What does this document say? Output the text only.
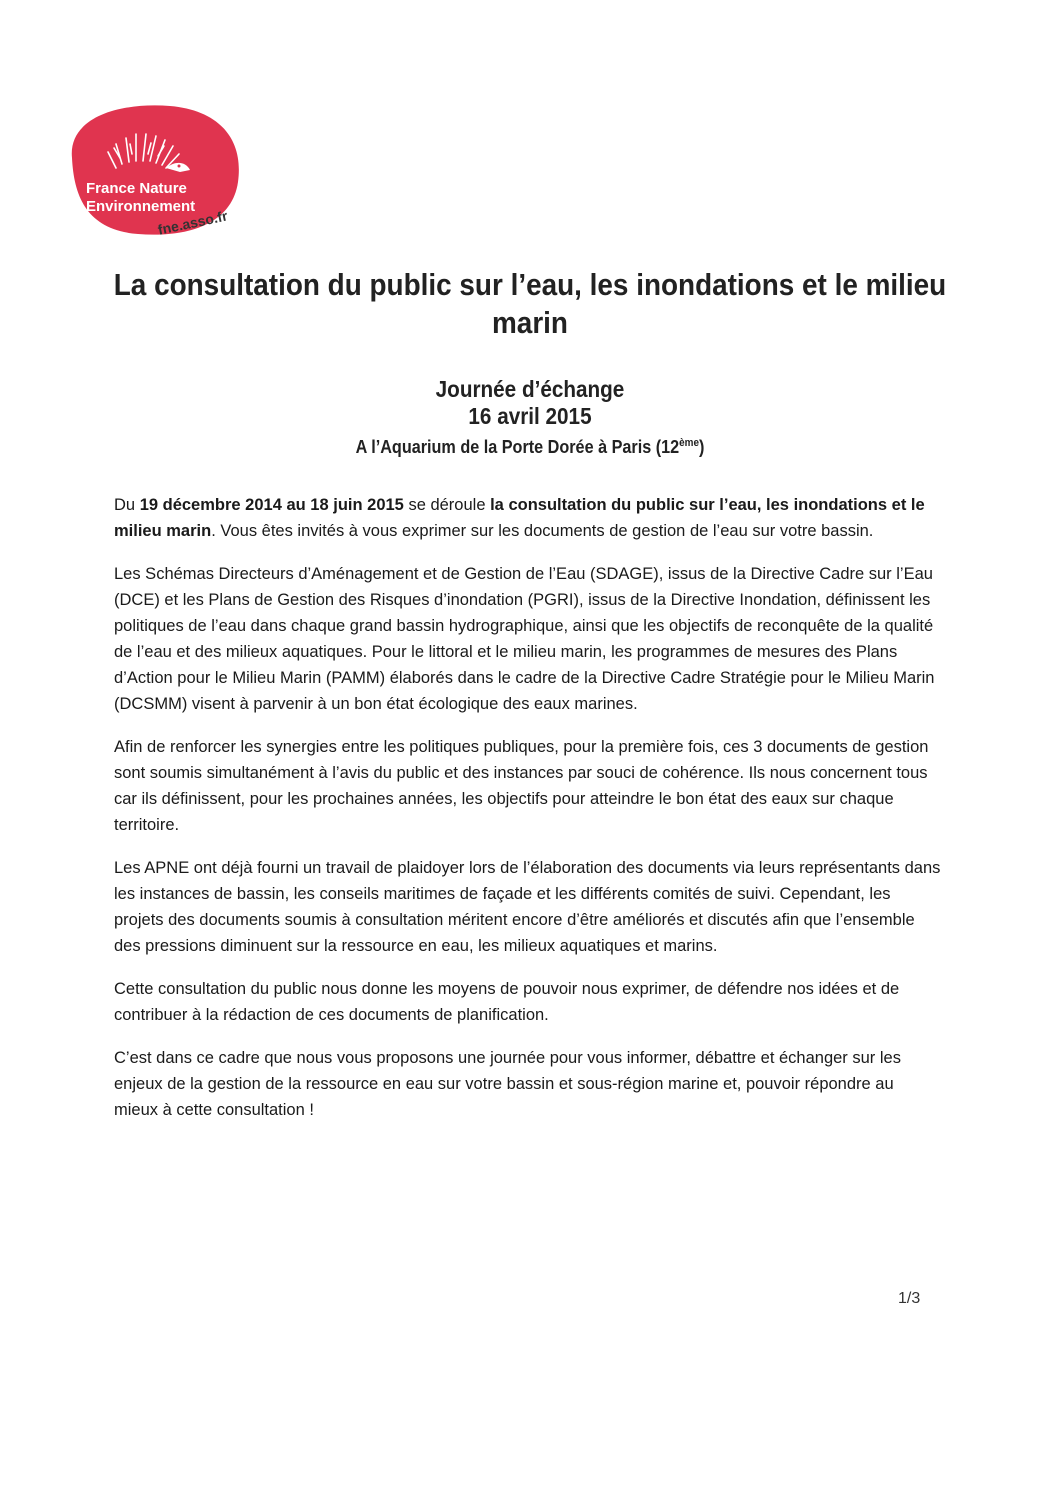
France Nature
Environnement
fne.asso.fr
La consultation du public sur l’eau, les inondations et le milieu marin
Journée d’échange
16 avril 2015
A l’Aquarium de la Porte Dorée à Paris (12ème)

Du 19 décembre 2014 au 18 juin 2015 se déroule la consultation du public sur l’eau, les inondations et le milieu marin. Vous êtes invités à vous exprimer sur les documents de gestion de l’eau sur votre bassin.

Les Schémas Directeurs d’Aménagement et de Gestion de l’Eau (SDAGE), issus de la Directive Cadre sur l’Eau (DCE) et les Plans de Gestion des Risques d’inondation (PGRI), issus de la Directive Inondation, définissent les politiques de l’eau dans chaque grand bassin hydrographique, ainsi que les objectifs de reconquête de la qualité de l’eau et des milieux aquatiques. Pour le littoral et le milieu marin, les programmes de mesures des Plans d’Action pour le Milieu Marin (PAMM) élaborés dans le cadre de la Directive Cadre Stratégie pour le Milieu Marin (DCSMM) visent à parvenir à un bon état écologique des eaux marines.

Afin de renforcer les synergies entre les politiques publiques, pour la première fois, ces 3 documents de gestion sont soumis simultanément à l’avis du public et des instances par souci de cohérence. Ils nous concernent tous car ils définissent, pour les prochaines années, les objectifs pour atteindre le bon état des eaux sur chaque territoire.

Les APNE ont déjà fourni un travail de plaidoyer lors de l’élaboration des documents via leurs représentants dans les instances de bassin, les conseils maritimes de façade et les différents comités de suivi. Cependant, les projets des documents soumis à consultation méritent encore d’être améliorés et discutés afin que l’ensemble des pressions diminuent sur la ressource en eau, les milieux aquatiques et marins.

Cette consultation du public nous donne les moyens de pouvoir nous exprimer, de défendre nos idées et de contribuer à la rédaction de ces documents de planification.

C’est dans ce cadre que nous vous proposons une journée pour vous informer, débattre et échanger sur les enjeux de la gestion de la ressource en eau sur votre bassin et sous-région marine et, pouvoir répondre au mieux à cette consultation !

1/3
